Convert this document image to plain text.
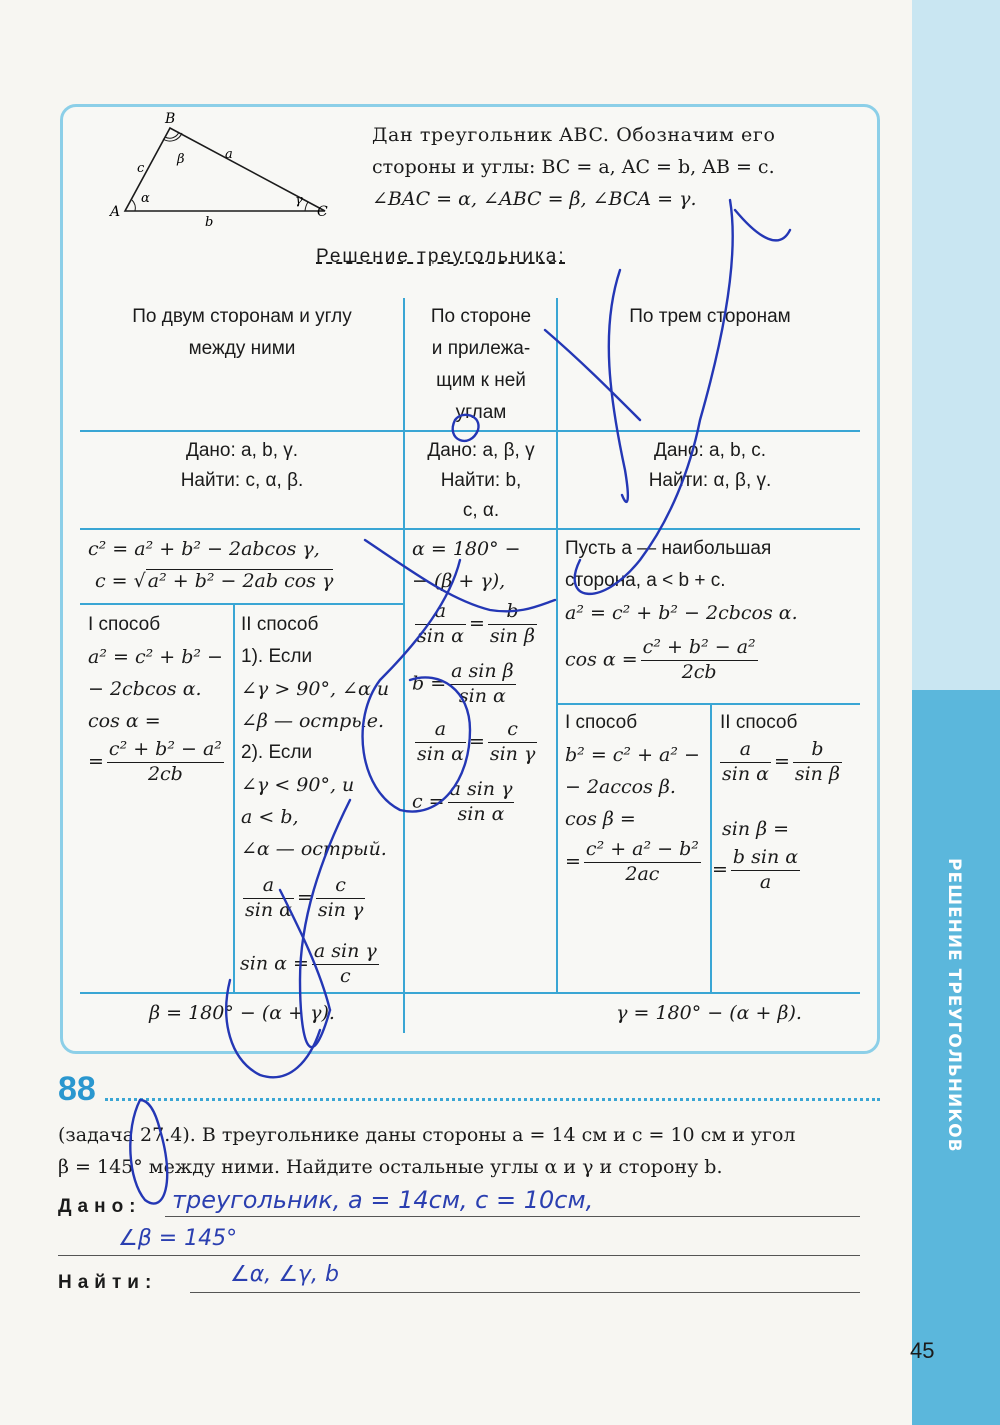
РЕШЕНИЕ ТРЕУГОЛЬНИКОВ
B
A	C
a
b
c
α
β
γ
Дан треугольник ABC. Обозначим его
стороны и углы: BC = a, AC = b, AB = c.
∠BAC = α, ∠ABC = β, ∠BCA = γ.
Решение треугольника:
По двум сторонам и углу
между ними
По стороне
и прилежа-
щим к ней
углам
По трем сторонам
Дано: a, b, γ.
Найти: c, α, β.
Дано: a, β, γ
Найти: b,
c, α.
Дано: a, b, c.
Найти: α, β, γ.
c² = a² + b² − 2abcos γ,
c = √ a² + b² − 2ab cos γ
I способ
a² = c² + b² −
− 2cbcos α.
cos α =
= $\frac{\text{c² + b² − a²}}{2cb}$
II способ
1). Если
∠γ > 90°, ∠α и
∠β — острые.
2). Если
∠γ < 90°, и
a < b,
∠α — острый.
$\frac{a}{\text{sin α}} = \frac{c}{\text{sin γ}}$
$\sin \alpha = \frac{\text{a sin γ}}{c}$
β = 180° − (α + γ).
α = 180° −
− (β + γ),
$\frac{a}{\text{sin α}} = \frac{b}{\text{sin β}}$
$b = \frac{\text{a sin β}}{\text{sin α}}$
$\frac{a}{\text{sin α}} = \frac{c}{\text{sin γ}}$
$c = \frac{\text{a sin γ}}{\text{sin α}}$
Пусть a — наибольшая
сторона, a < b + c.
a² = c² + b² − 2cbcos α.
$\cos \alpha = \frac{\text{c² + b² − a²}}{2cb}$
I способ
b² = c² + a² −
− 2accos β.
cos β =
= $\frac{\text{c² + a² − b²}}{2ac}$
II способ
$\frac{a}{\text{sin α}} = \frac{b}{\text{sin β}}$
sin β =
= $\frac{\text{b sin α}}{a}$
γ = 180° − (α + β).
88
(задача 27.4). В треугольнике даны стороны a = 14 см и c = 10 см и угол
β = 145° между ними. Найдите остальные углы α и γ и сторону b.
Дано: треугольник, a = 14см, c = 10см,
∠β = 145°
Найти:	∠α, ∠γ, b
45
